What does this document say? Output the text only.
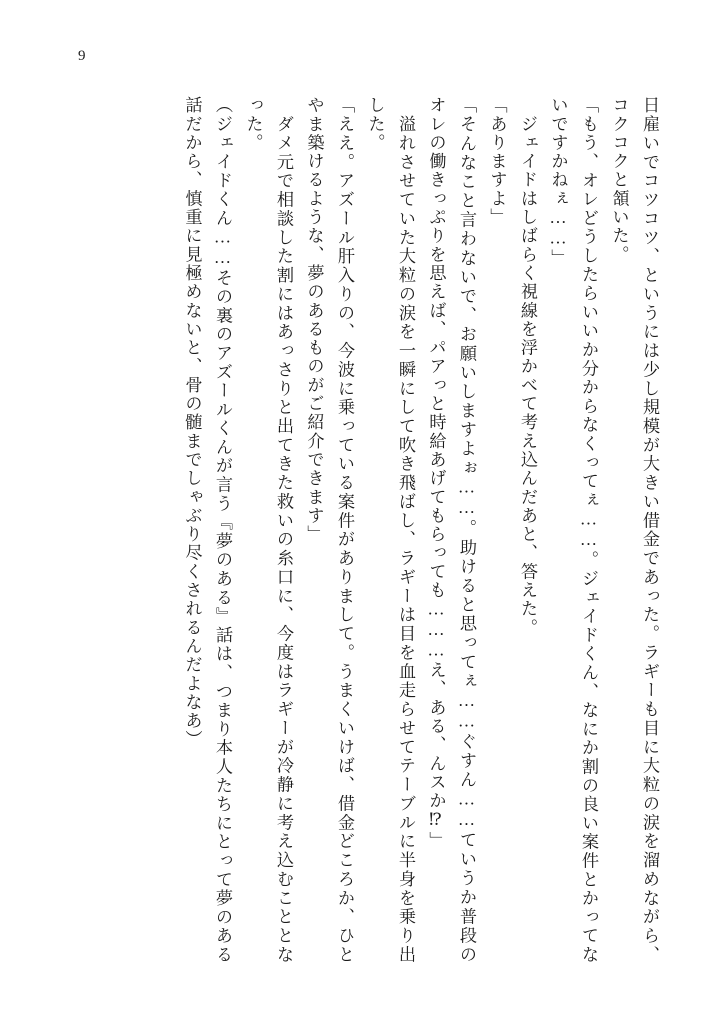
9

日雇いでコツコツ、というには少し規模が大きい借金であった。ラギーも目に大粒の涙を溜めながら、コクコクと頷いた。

「もう、オレどうしたらいいか分からなくってぇ……。ジェイドくん、なにか割の良い案件とかってないですかねぇ……」

　ジェイドはしばらく視線を浮かべて考え込んだあと、答えた。

「ありますよ」

「そんなこと言わないで、お願いしますよぉ……。助けると思ってぇ……ぐすん……ていうか普段のオレの働きっぷりを思えば、パアっと時給あげてもらっても………え、ある、んスか⁉」

　溢れさせていた大粒の涙を一瞬にして吹き飛ばし、ラギーは目を血走らせてテーブルに半身を乗り出した。

「ええ。アズール肝入りの、今波に乗っている案件がありまして。うまくいけば、借金どころか、ひとやま築けるような、夢のあるものがご紹介できます」

　ダメ元で相談した割にはあっさりと出てきた救いの糸口に、今度はラギーが冷静に考え込むこととなった。

（ジェイドくん……その裏のアズールくんが言う『夢のある』話は、つまり本人たちにとって夢のある話だから、慎重に見極めないと、骨の髄までしゃぶり尽くされるんだよなあ）
